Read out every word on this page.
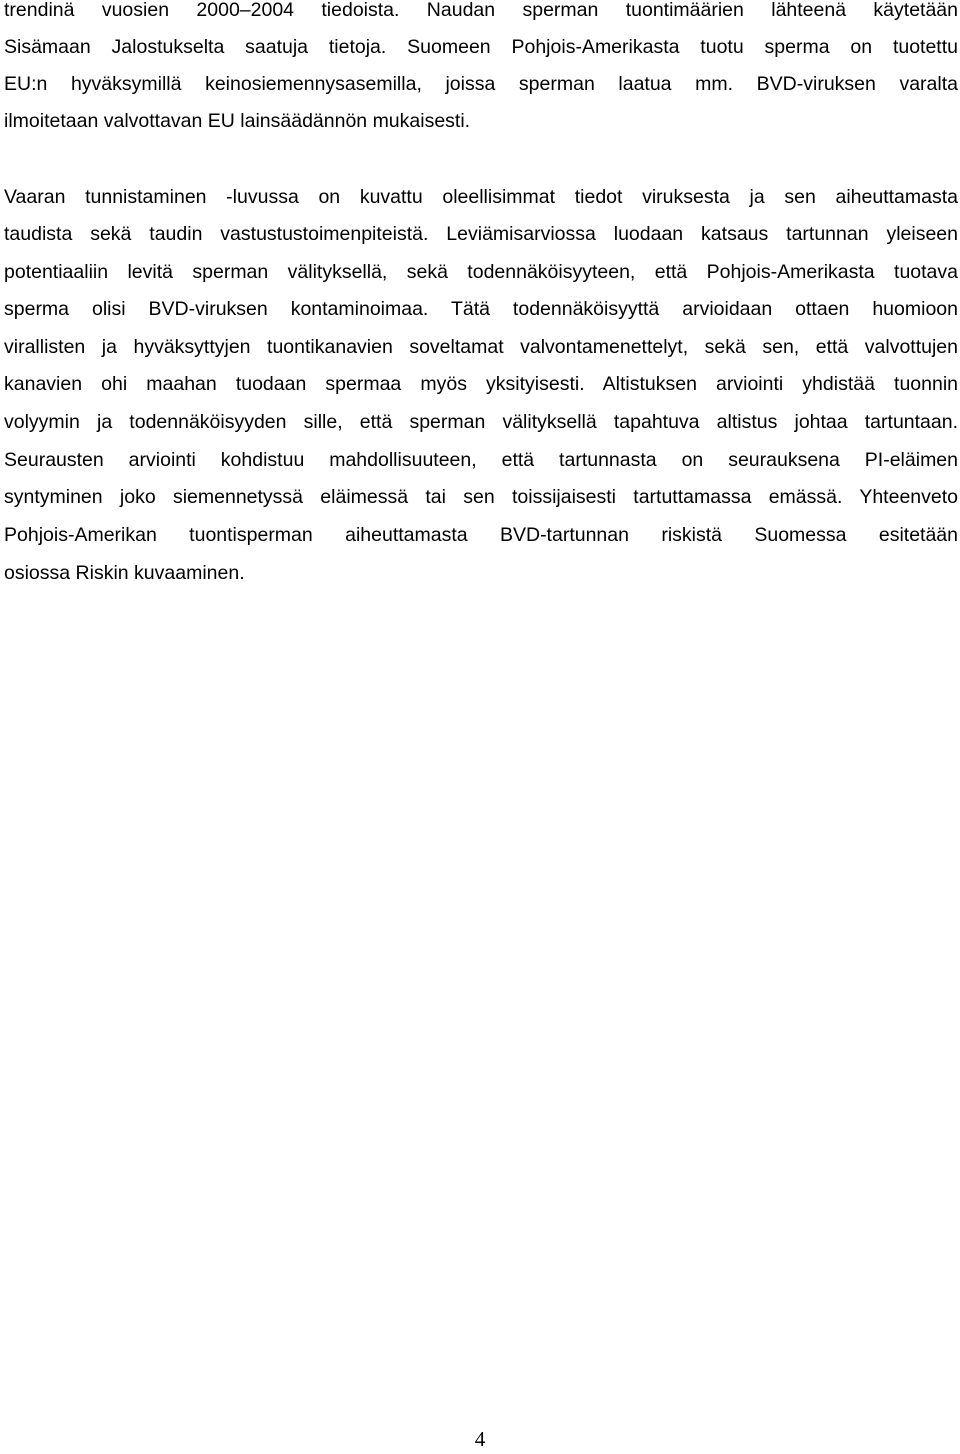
trendinä vuosien 2000–2004 tiedoista. Naudan sperman tuontimäärien lähteenä käytetään
Sisämaan Jalostukselta saatuja tietoja. Suomeen Pohjois-Amerikasta tuotu sperma on tuotettu
EU:n hyväksymillä keinosiemennysasemilla, joissa sperman laatua mm. BVD-viruksen varalta
ilmoitetaan valvottavan EU lainsäädännön mukaisesti.
Vaaran tunnistaminen -luvussa on kuvattu oleellisimmat tiedot viruksesta ja sen aiheuttamasta
taudista sekä taudin vastustustoimenpiteistä. Leviämisarviossa luodaan katsaus tartunnan yleiseen
potentiaaliin levitä sperman välityksellä, sekä todennäköisyyteen, että Pohjois-Amerikasta tuotava
sperma olisi BVD-viruksen kontaminoimaa. Tätä todennäköisyyttä arvioidaan ottaen huomioon
virallisten ja hyväksyttyjen tuontikanavien soveltamat valvontamenettelyt, sekä sen, että valvottujen
kanavien ohi maahan tuodaan spermaa myös yksityisesti. Altistuksen arviointi yhdistää tuonnin
volyymin ja todennäköisyyden sille, että sperman välityksellä tapahtuva altistus johtaa tartuntaan.
Seurausten arviointi kohdistuu mahdollisuuteen, että tartunnasta on seurauksena PI-eläimen
syntyminen joko siemennetyssä eläimessä tai sen toissijaisesti tartuttamassa emässä. Yhteenveto
Pohjois-Amerikan tuontisperman aiheuttamasta BVD-tartunnan riskistä Suomessa esitetään
osiossa Riskin kuvaaminen.
4
